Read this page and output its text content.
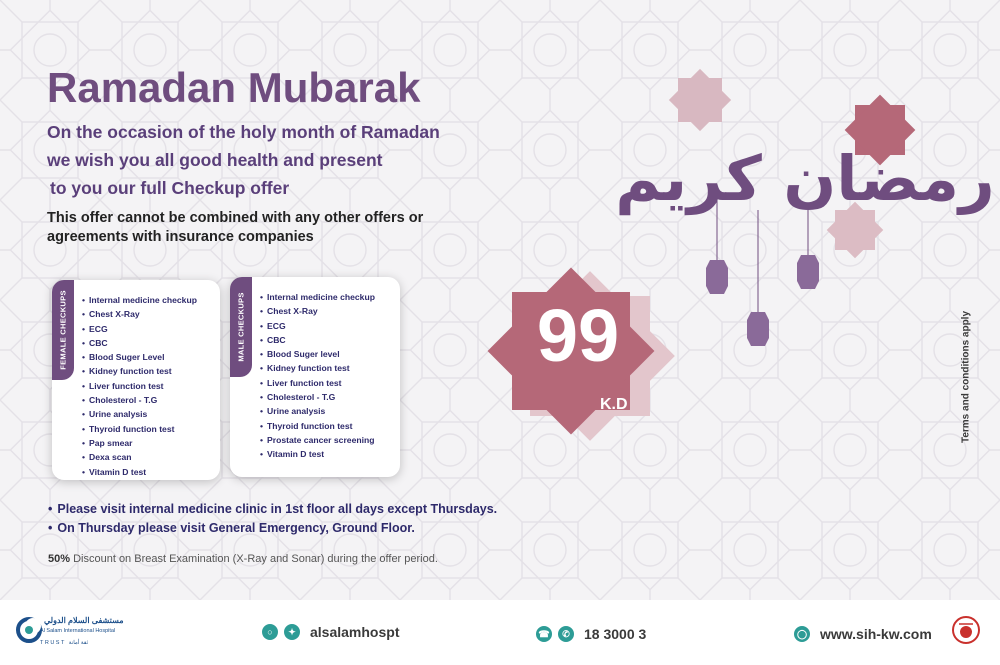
Ramadan Mubarak
On the occasion of the holy month of Ramadan
we wish you all good health and present
to you our full Checkup offer
This offer cannot be combined with any other offers or
agreements with insurance companies
FEMALE CHECKUPS	• Internal medicine checkup
• Chest X-Ray
• ECG
• CBC
• Blood Suger Level
• Kidney function test
• Liver function test
• Cholesterol - T.G
• Urine analysis
• Thyroid function test
• Pap smear
• Dexa scan
• Vitamin D test
MALE CHECKUPS	• Internal medicine checkup
• Chest X-Ray
• ECG
• CBC
• Blood Suger level
• Kidney function test
• Liver function test
• Cholesterol - T.G
• Urine analysis
• Thyroid function test
• Prostate cancer screening
• Vitamin D test
• Please visit internal medicine clinic in 1st floor all days except Thursdays.
• On Thursday please visit General Emergency, Ground Floor.
50% Discount on Breast Examination (X-Ray and Sonar) during the offer period.
99
K.D
رمضان كريم
Terms and conditions apply
مستشفى السلام الدولي
Al Salam International Hospital
TRUST ثقة أمانة
○	✦	alsalamhospt	☎	✆	18 3000 3	◯ www.sih-kw.com
